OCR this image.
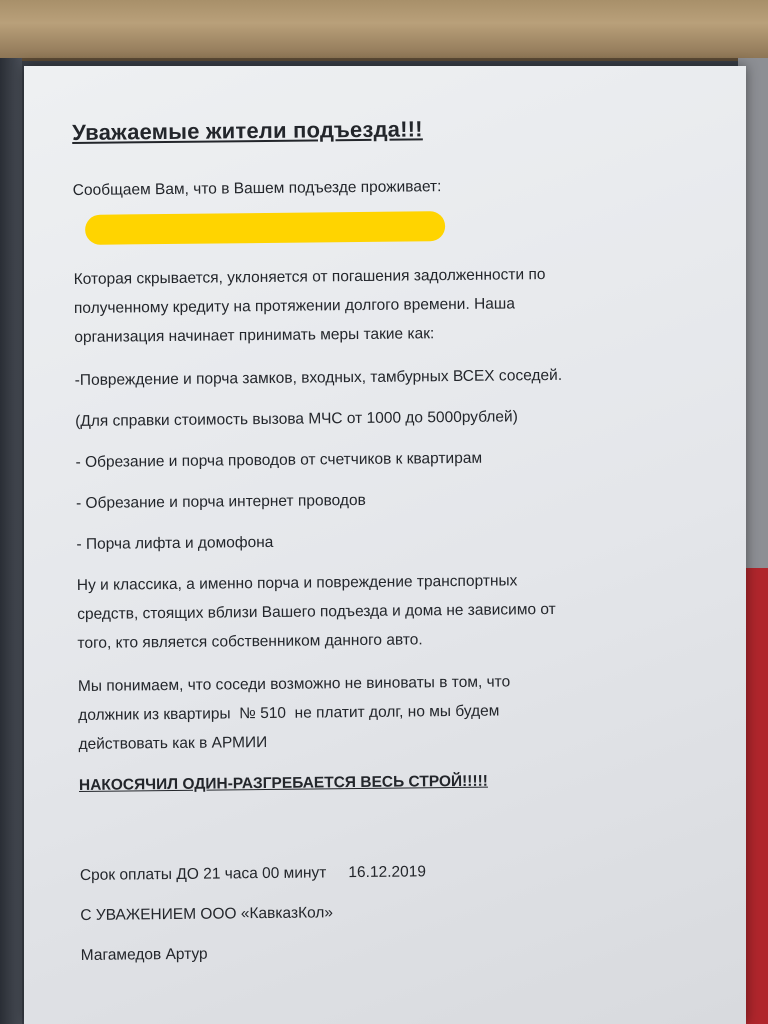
Уважаемые жители подъезда!!!
Сообщаем Вам, что в Вашем подъезде проживает:
Которая скрывается, уклоняется от погашения задолженности по
полученному кредиту на протяжении долгого времени. Наша
организация начинает принимать меры такие как:
-Повреждение и порча замков, входных, тамбурных ВСЕХ соседей.
(Для справки стоимость вызова МЧС от 1000 до 5000рублей)
- Обрезание и порча проводов от счетчиков к квартирам
- Обрезание и порча интернет проводов
- Порча лифта и домофона
Ну и классика, а именно порча и повреждение транспортных
средств, стоящих вблизи Вашего подъезда и дома не зависимо от
того, кто является собственником данного авто.
Мы понимаем, что соседи возможно не виноваты в том, что
должник из квартиры  № 510  не платит долг, но мы будем
действовать как в АРМИИ
НАКОСЯЧИЛ ОДИН-РАЗГРЕБАЕТСЯ ВЕСЬ СТРОЙ!!!!!
Срок оплаты ДО 21 часа 00 минут 16.12.2019
С УВАЖЕНИЕМ ООО «КавказКол»
Магамедов Артур
